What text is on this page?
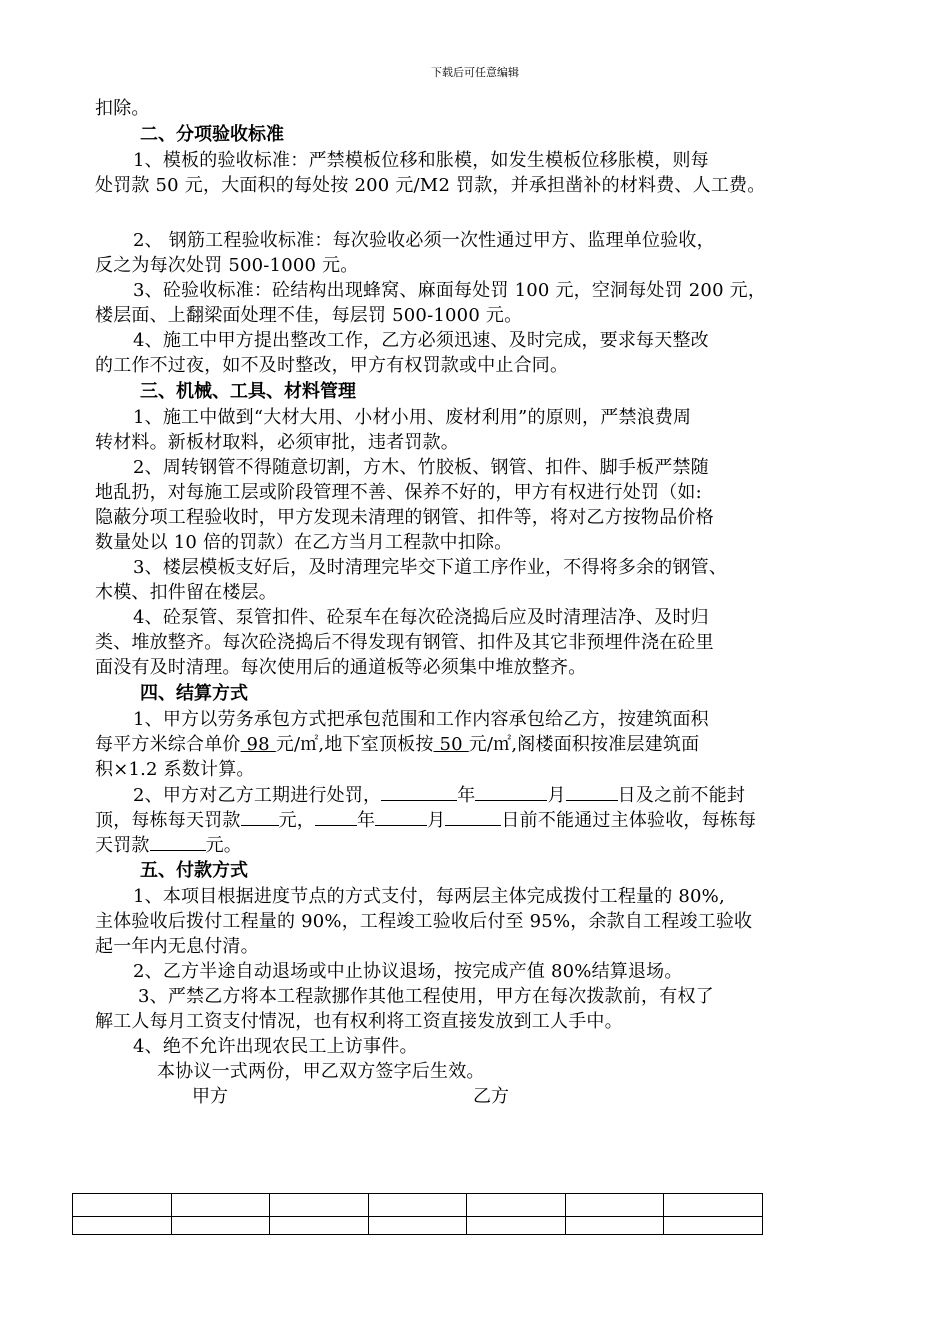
下载后可任意编辑
扣除。
二、分项验收标准
1、模板的验收标准：严禁模板位移和胀模，如发生模板位移胀模，则每
处罚款 50 元，大面积的每处按 200 元/M2 罚款，并承担凿补的材料费、人工费。
2、 钢筋工程验收标准：每次验收必须一次性通过甲方、监理单位验收，
反之为每次处罚 500-1000 元。
3、砼验收标准：砼结构出现蜂窝、麻面每处罚 100 元，空洞每处罚 200 元，
楼层面、上翻梁面处理不佳，每层罚 500-1000 元。
4、施工中甲方提出整改工作，乙方必须迅速、及时完成，要求每天整改
的工作不过夜，如不及时整改，甲方有权罚款或中止合同。
三、机械、工具、材料管理
1、施工中做到“大材大用、小材小用、废材利用”的原则，严禁浪费周
转材料。新板材取料，必须审批，违者罚款。
2、周转钢管不得随意切割，方木、竹胶板、钢管、扣件、脚手板严禁随
地乱扔，对每施工层或阶段管理不善、保养不好的，甲方有权进行处罚（如:
隐蔽分项工程验收时，甲方发现未清理的钢管、扣件等，将对乙方按物品价格
数量处以 10 倍的罚款）在乙方当月工程款中扣除。
3、楼层模板支好后，及时清理完毕交下道工序作业，不得将多余的钢管、
木模、扣件留在楼层。
4、砼泵管、泵管扣件、砼泵车在每次砼浇捣后应及时清理洁净、及时归
类、堆放整齐。每次砼浇捣后不得发现有钢管、扣件及其它非预埋件浇在砼里
面没有及时清理。每次使用后的通道板等必须集中堆放整齐。
四、结算方式
1、甲方以劳务承包方式把承包范围和工作内容承包给乙方，按建筑面积
每平方米综合单价 98 元/㎡,地下室顶板按 50 元/㎡,阁楼面积按准层建筑面
积×1.2 系数计算。
2、甲方对乙方工期进行处罚，	年	月	日及之前不能封
顶，每栋每天罚款 元， 年	月	日前不能通过主体验收，每栋每
天罚款	元。
五、付款方式
1、本项目根据进度节点的方式支付，每两层主体完成拨付工程量的 80%,
主体验收后拨付工程量的 90%，工程竣工验收后付至 95%，余款自工程竣工验收
起一年内无息付清。
2、乙方半途自动退场或中止协议退场，按完成产值 80%结算退场。
3、严禁乙方将本工程款挪作其他工程使用，甲方在每次拨款前，有权了
解工人每月工资支付情况，也有权利将工资直接发放到工人手中。
4、绝不允许出现农民工上访事件。
本协议一式两份，甲乙双方签字后生效。
甲方	乙方
